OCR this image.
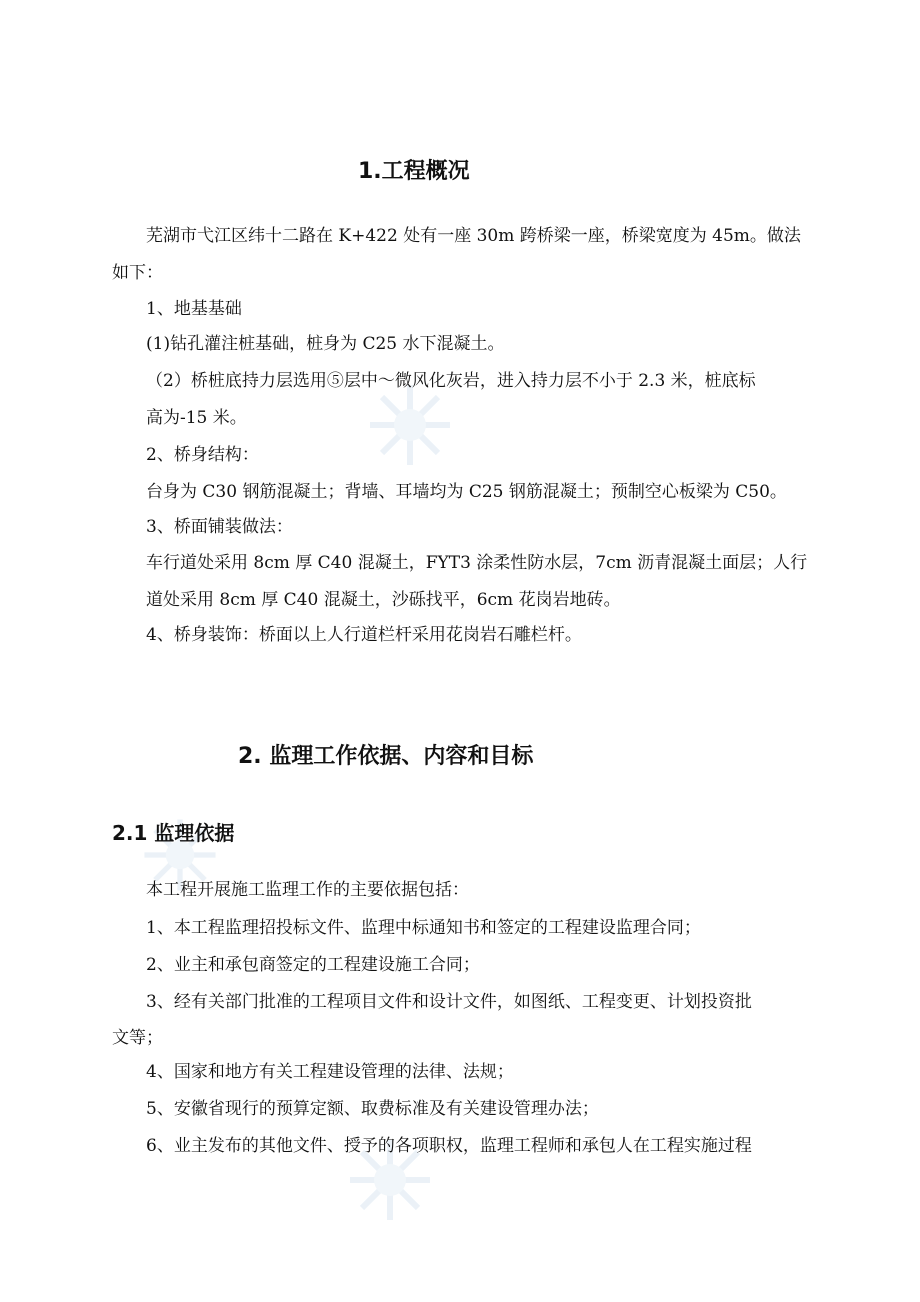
1.工程概况
芜湖市弋江区纬十二路在 K+422 处有一座 30m 跨桥梁一座，桥梁宽度为 45m。做法
如下：
1、地基基础
(1)钻孔灌注桩基础，桩身为 C25 水下混凝土。
（2）桥桩底持力层选用⑤层中～微风化灰岩，进入持力层不小于 2.3 米，桩底标
高为-15 米。
2、桥身结构：
台身为 C30 钢筋混凝土；背墙、耳墙均为 C25 钢筋混凝土；预制空心板梁为 C50。
3、桥面铺装做法：
车行道处采用 8cm 厚 C40 混凝土，FYT3 涂柔性防水层，7cm 沥青混凝土面层；人行
道处采用 8cm 厚 C40 混凝土，沙砾找平，6cm 花岗岩地砖。
4、桥身装饰：桥面以上人行道栏杆采用花岗岩石雕栏杆。
2. 监理工作依据、内容和目标
2.1 监理依据
本工程开展施工监理工作的主要依据包括：
1、本工程监理招投标文件、监理中标通知书和签定的工程建设监理合同；
2、业主和承包商签定的工程建设施工合同；
3、经有关部门批准的工程项目文件和设计文件，如图纸、工程变更、计划投资批
文等；
4、国家和地方有关工程建设管理的法律、法规；
5、安徽省现行的预算定额、取费标准及有关建设管理办法；
6、业主发布的其他文件、授予的各项职权，监理工程师和承包人在工程实施过程
